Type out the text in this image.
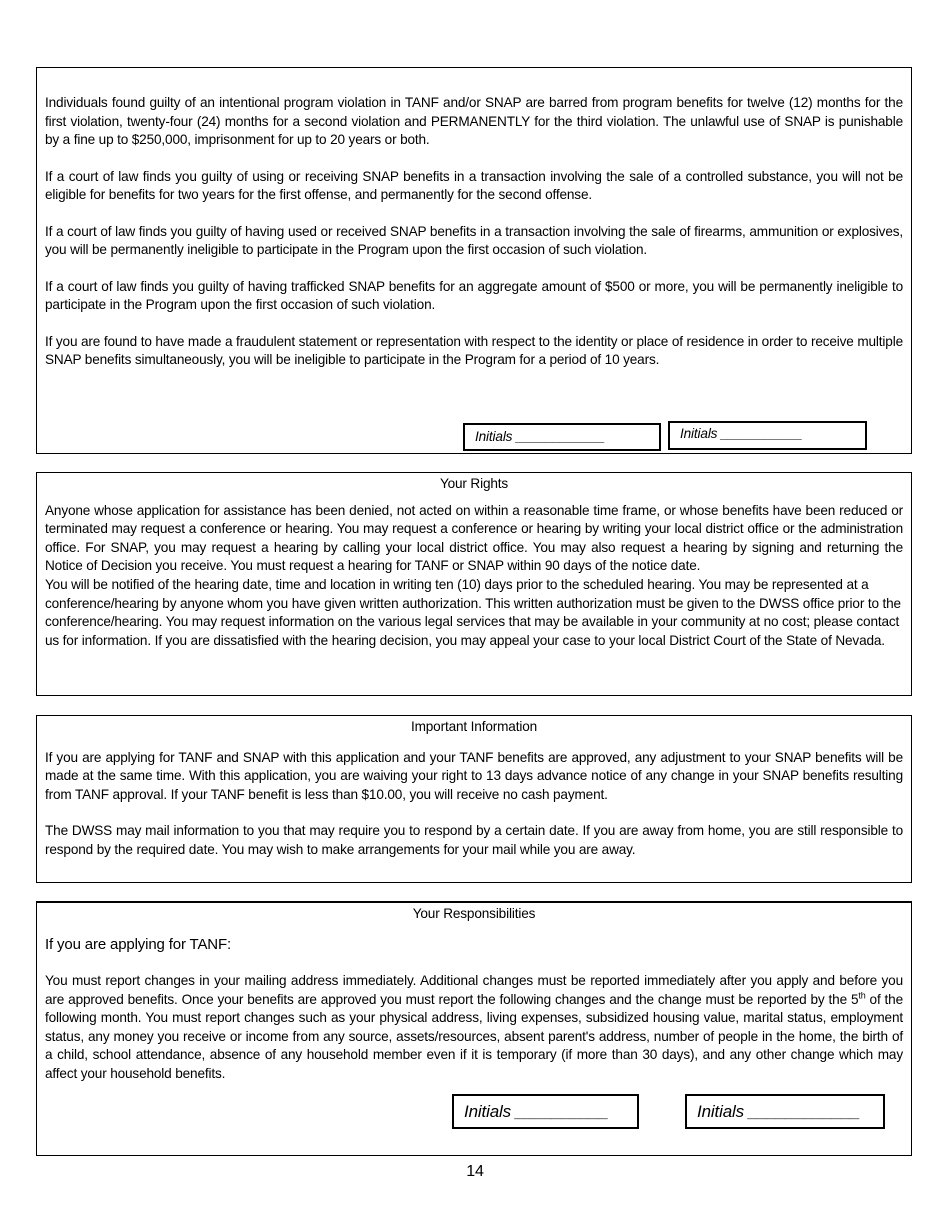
Individuals found guilty of an intentional program violation in TANF and/or SNAP are barred from program benefits for twelve (12) months for the first violation, twenty-four (24) months for a second violation and PERMANENTLY for the third violation. The unlawful use of SNAP is punishable by a fine up to $250,000, imprisonment for up to 20 years or both.

If a court of law finds you guilty of using or receiving SNAP benefits in a transaction involving the sale of a controlled substance, you will not be eligible for benefits for two years for the first offense, and permanently for the second offense.

If a court of law finds you guilty of having used or received SNAP benefits in a transaction involving the sale of firearms, ammunition or explosives, you will be permanently ineligible to participate in the Program upon the first occasion of such violation.

If a court of law finds you guilty of having trafficked SNAP benefits for an aggregate amount of $500 or more, you will be permanently ineligible to participate in the Program upon the first occasion of such violation.

If you are found to have made a fraudulent statement or representation with respect to the identity or place of residence in order to receive multiple SNAP benefits simultaneously, you will be ineligible to participate in the Program for a period of 10 years.

Initials ____________	Initials ___________
Your Rights

Anyone whose application for assistance has been denied, not acted on within a reasonable time frame, or whose benefits have been reduced or terminated may request a conference or hearing. You may request a conference or hearing by writing your local district office or the administration office. For SNAP, you may request a hearing by calling your local district office. You may also request a hearing by signing and returning the Notice of Decision you receive. You must request a hearing for TANF or SNAP within 90 days of the notice date.

You will be notified of the hearing date, time and location in writing ten (10) days prior to the scheduled hearing. You may be represented at a conference/hearing by anyone whom you have given written authorization. This written authorization must be given to the DWSS office prior to the conference/hearing. You may request information on the various legal services that may be available in your community at no cost; please contact us for information. If you are dissatisfied with the hearing decision, you may appeal your case to your local District Court of the State of Nevada.

Important Information

If you are applying for TANF and SNAP with this application and your TANF benefits are approved, any adjustment to your SNAP benefits will be made at the same time. With this application, you are waiving your right to 13 days advance notice of any change in your SNAP benefits resulting from TANF approval. If your TANF benefit is less than $10.00, you will receive no cash payment.

The DWSS may mail information to you that may require you to respond by a certain date. If you are away from home, you are still responsible to respond by the required date. You may wish to make arrangements for your mail while you are away.

Your Responsibilities

If you are applying for TANF:

You must report changes in your mailing address immediately. Additional changes must be reported immediately after you apply and before you are approved benefits. Once your benefits are approved you must report the following changes and the change must be reported by the 5th of the following month. You must report changes such as your physical address, living expenses, subsidized housing value, marital status, employment status, any money you receive or income from any source, assets/resources, absent parent's address, number of people in the home, the birth of a child, school attendance, absence of any household member even if it is temporary (if more than 30 days), and any other change which may affect your household benefits.

Initials __________	Initials ____________
14
